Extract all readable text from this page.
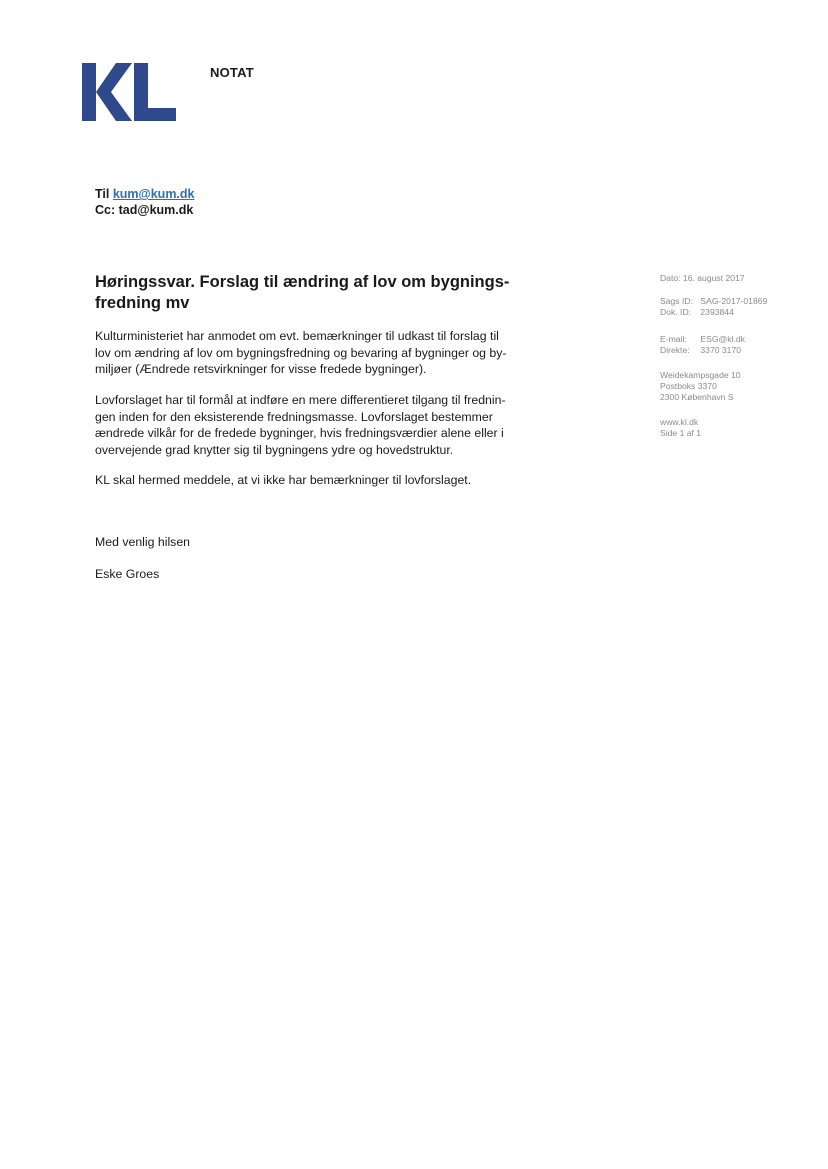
NOTAT
Til kum@kum.dk
Cc: tad@kum.dk
Høringssvar. Forslag til ændring af lov om bygnings-
fredning mv

Kulturministeriet har anmodet om evt. bemærkninger til udkast til forslag til
lov om ændring af lov om bygningsfredning og bevaring af bygninger og by-
miljøer (Ændrede retsvirkninger for visse fredede bygninger).

Lovforslaget har til formål at indføre en mere differentieret tilgang til frednin-
gen inden for den eksisterende fredningsmasse. Lovforslaget bestemmer
ændrede vilkår for de fredede bygninger, hvis fredningsværdier alene eller i
overvejende grad knytter sig til bygningens ydre og hovedstruktur.

KL skal hermed meddele, at vi ikke har bemærkninger til lovforslaget.

Med venlig hilsen

Eske Groes

Dato: 16. august 2017
Sags ID: SAG-2017-01869
Dok. ID: 2393844
E-mail: ESG@kl.dk
Direkte: 3370 3170
Weidekampsgade 10
Postboks 3370
2300 København S
www.kl.dk
Side 1 af 1
